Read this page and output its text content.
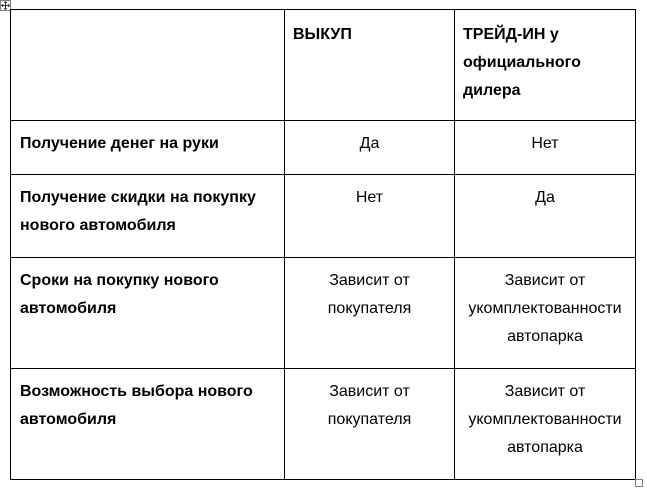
	ВЫКУП	ТРЕЙД-ИН у официального дилера
Получение денег на руки	Да	Нет
Получение скидки на покупку нового автомобиля	Нет	Да
Сроки на покупку нового автомобиля	Зависит от покупателя	Зависит от укомплектованности автопарка
Возможность выбора нового автомобиля	Зависит от покупателя	Зависит от укомплектованности автопарка
